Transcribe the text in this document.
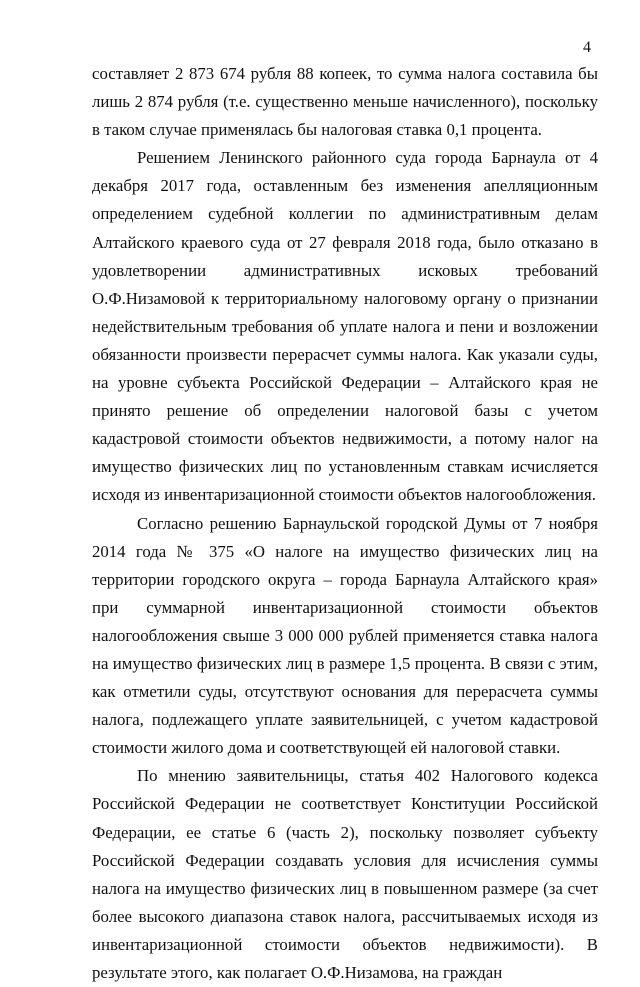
4

составляет 2 873 674 рубля 88 копеек, то сумма налога составила бы лишь 2 874 рубля (т.е. существенно меньше начисленного), поскольку в таком случае применялась бы налоговая ставка 0,1 процента.

Решением Ленинского районного суда города Барнаула от 4 декабря 2017 года, оставленным без изменения апелляционным определением судебной коллегии по административным делам Алтайского краевого суда от 27 февраля 2018 года, было отказано в удовлетворении административных исковых требований О.Ф.Низамовой к территориальному налоговому органу о признании недействительным требования об уплате налога и пени и возложении обязанности произвести перерасчет суммы налога. Как указали суды, на уровне субъекта Российской Федерации – Алтайского края не принято решение об определении налоговой базы с учетом кадастровой стоимости объектов недвижимости, а потому налог на имущество физических лиц по установленным ставкам исчисляется исходя из инвентаризационной стоимости объектов налогообложения.

Согласно решению Барнаульской городской Думы от 7 ноября 2014 года № 375 «О налоге на имущество физических лиц на территории городского округа – города Барнаула Алтайского края» при суммарной инвентаризационной стоимости объектов налогообложения свыше 3 000 000 рублей применяется ставка налога на имущество физических лиц в размере 1,5 процента. В связи с этим, как отметили суды, отсутствуют основания для перерасчета суммы налога, подлежащего уплате заявительницей, с учетом кадастровой стоимости жилого дома и соответствующей ей налоговой ставки.

По мнению заявительницы, статья 402 Налогового кодекса Российской Федерации не соответствует Конституции Российской Федерации, ее статье 6 (часть 2), поскольку позволяет субъекту Российской Федерации создавать условия для исчисления суммы налога на имущество физических лиц в повышенном размере (за счет более высокого диапазона ставок налога, рассчитываемых исходя из инвентаризационной стоимости объектов недвижимости). В результате этого, как полагает О.Ф.Низамова, на граждан
